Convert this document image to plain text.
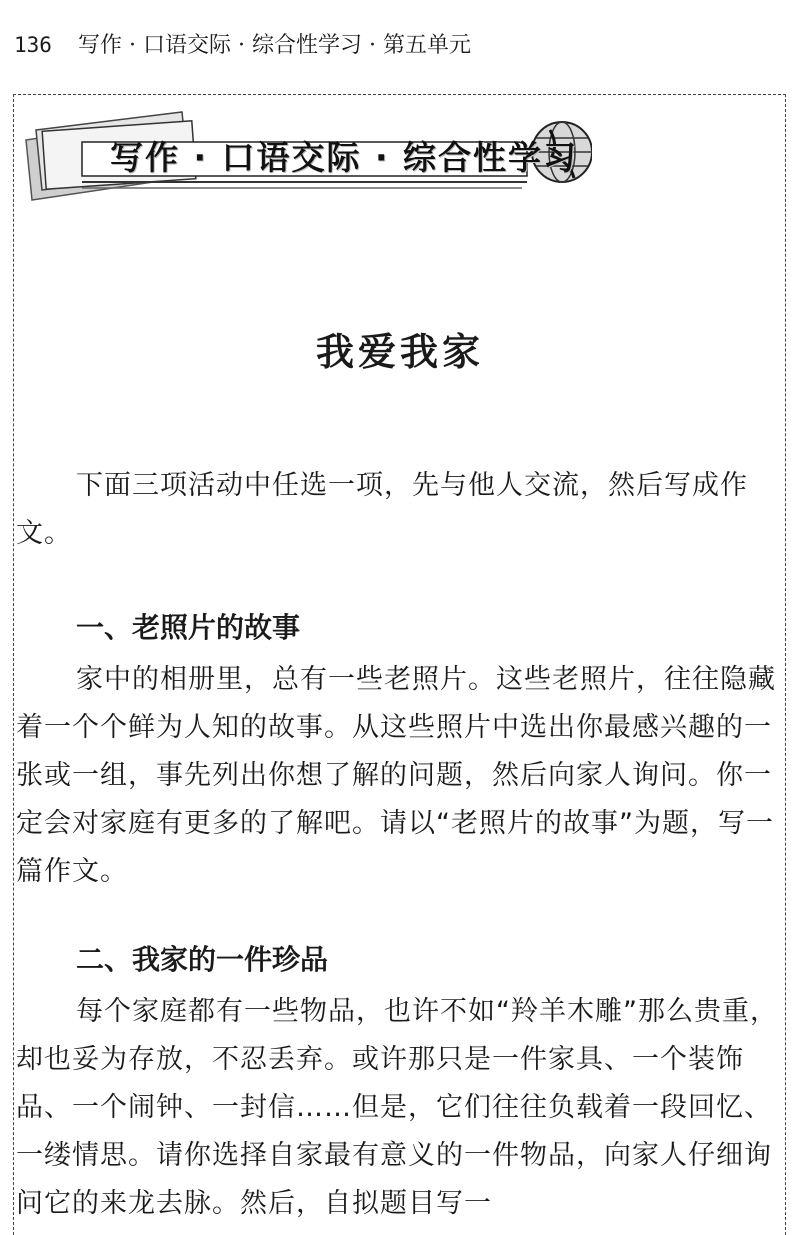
136 写作 · 口语交际 · 综合性学习 · 第五单元
写作 · 口语交际 · 综合性学习
我爱我家

下面三项活动中任选一项，先与他人交流，然后写成作文。

一、老照片的故事

家中的相册里，总有一些老照片。这些老照片，往往隐藏着一个个鲜为人知的故事。从这些照片中选出你最感兴趣的一张或一组，事先列出你想了解的问题，然后向家人询问。你一定会对家庭有更多的了解吧。请以“老照片的故事”为题，写一篇作文。

二、我家的一件珍品

每个家庭都有一些物品，也许不如“羚羊木雕”那么贵重，却也妥为存放，不忍丢弃。或许那只是一件家具、一个装饰品、一个闹钟、一封信……但是，它们往往负载着一段回忆、一缕情思。请你选择自家最有意义的一件物品，向家人仔细询问它的来龙去脉。然后，自拟题目写一
